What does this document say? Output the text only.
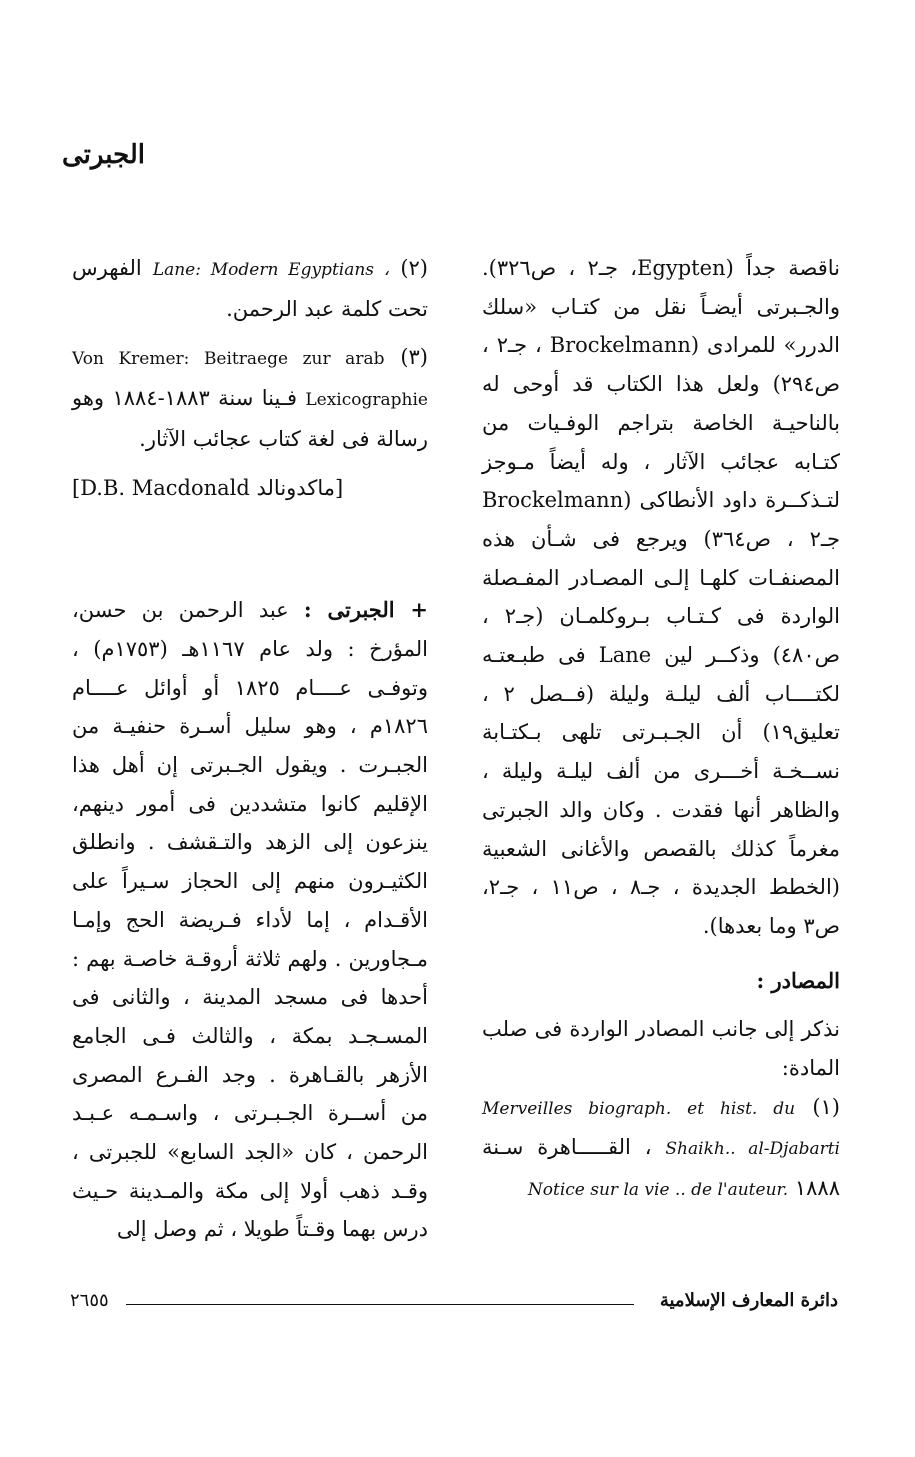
الجبرتى

ناقصة جداً (Egypten، جـ٢ ، ص٣٢٦). والجـبرتى أيضـاً نقل من كتـاب «سلك الدرر» للمرادى (Brockelmann ، جـ٢ ، ص٢٩٤) ولعل هذا الكتاب قد أوحى له بالناحيـة الخاصة بتراجم الوفـيات من كتـابه عجائب الآثار ، وله أيضاً مـوجز لتـذكــرة داود الأنطاكى (Brockelmann جـ٢ ، ص٣٦٤) ويرجع فى شـأن هذه المصنفـات كلهـا إلـى المصـادر المفـصلة الواردة فى كـتـاب بـروكلمـان (جـ٢ ، ص٤٨٠) وذكــر لين Lane فى طبـعتـه لكتــــاب ألف ليلـة وليلة (فــصل ٢ ، تعليق١٩) أن الجـبـرتى تلهى بـكتـابة نســخـة أخـــرى من ألف ليلـة وليلة ، والظاهر أنها فقدت . وكان والد الجبرتى مغرماً كذلك بالقصص والأغانى الشعبية (الخطط الجديدة ، جـ٨ ، ص١١ ، جـ٢، ص٣ وما بعدها).

المصادر :

نذكر إلى جانب المصادر الواردة فى صلب المادة:

(١) Merveilles biograph. et hist. du Shaikh.. al-Djabarti ، القـــــاهرة سـنة ١٨٨٨ Notice sur la vie .. de l'auteur.

(٢) Lane: Modern Egyptians ، الفهرس تحت كلمة عبد الرحمن.

(٣) Von Kremer: Beitraege zur arab Lexicographie فـينا سنة ١٨٨٣-١٨٨٤ وهو رسالة فى لغة كتاب عجائب الآثار.

[ماكدونالد D.B. Macdonald]

+ الجبرتى : عبد الرحمن بن حسن، المؤرخ : ولد عام ١١٦٧هـ (١٧٥٣م) ، وتوفـى عــــام ١٨٢٥ أو أوائل عــــام ١٨٢٦م ، وهو سليل أسـرة حنفيـة من الجبـرت . ويقول الجـبرتى إن أهل هذا الإقليم كانوا متشددين فى أمور دينهم، ينزعون إلى الزهد والتـقشف . وانطلق الكثيـرون منهم إلى الحجاز سـيراً على الأقـدام ، إما لأداء فـريضة الحج وإمـا مـجاورين . ولهم ثلاثة أروقـة خاصـة بهم : أحدها فى مسجد المدينة ، والثانى فى المسـجـد بمكة ، والثالث فـى الجامع الأزهر بالقـاهرة . وجد الفـرع المصرى من أســرة الجـبـرتى ، واسـمـه عـبـد الرحمن ، كان «الجد السابع» للجبرتى ، وقـد ذهب أولا إلى مكة والمـدينة حـيث درس بهما وقـتاً طويلا ، ثم وصل إلى

٢٦٥٥	دائرة المعارف الإسلامية
